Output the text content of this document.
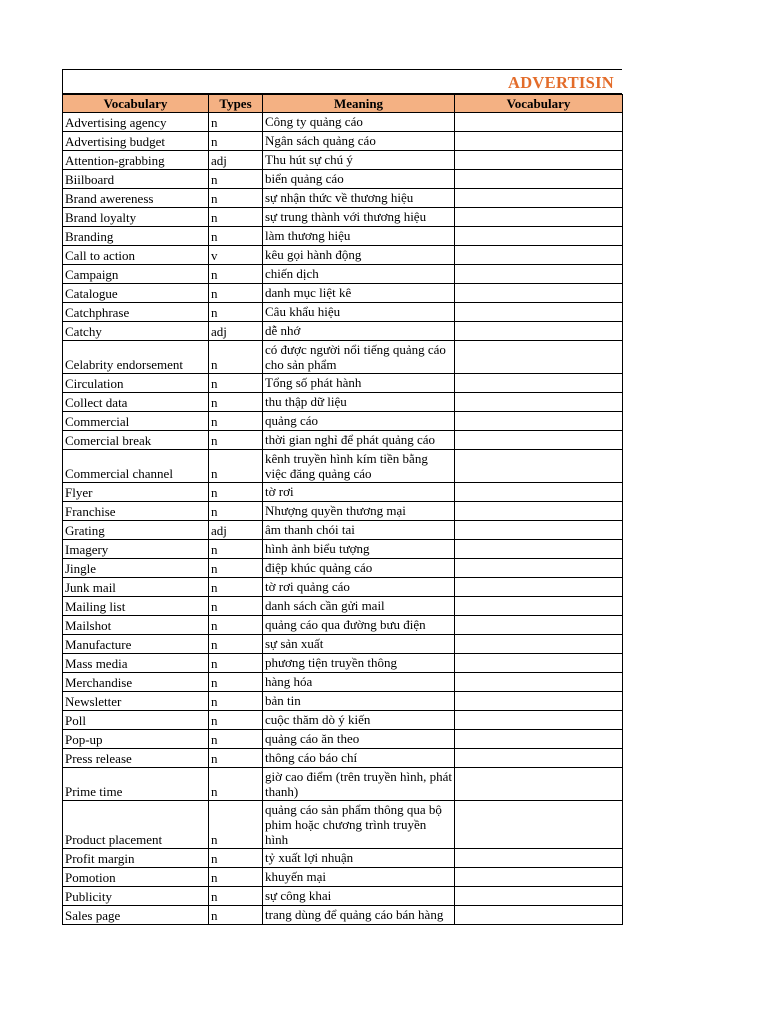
ADVERTISIN
Vocabulary	Types	Meaning	Vocabulary
Advertising agency	n	Công ty quảng cáo	
Advertising budget	n	Ngân sách quảng cáo	
Attention-grabbing	adj	Thu hút sự chú ý	
Biilboard	n	biển quảng cáo	
Brand awereness	n	sự nhận thức về thương hiệu	
Brand loyalty	n	sự trung thành với thương hiệu	
Branding	n	làm thương hiệu	
Call to action	v	kêu gọi hành động	
Campaign	n	chiến dịch	
Catalogue	n	danh mục liệt kê	
Catchphrase	n	Câu khẩu hiệu	
Catchy	adj	dễ nhớ	
Celabrity endorsement	n	có được người nổi tiếng quảng cáo cho sản phẩm	
Circulation	n	Tổng số phát hành	
Collect data	n	thu thập dữ liệu	
Commercial	n	quảng cáo	
Comercial break	n	thời gian nghỉ để phát quảng cáo	
Commercial channel	n	kênh truyền hình kím tiền bằng việc đăng quảng cáo	
Flyer	n	tờ rơi	
Franchise	n	Nhượng quyền thương mại	
Grating	adj	âm thanh chói tai	
Imagery	n	hình ảnh biểu tượng	
Jingle	n	điệp khúc quảng cáo	
Junk mail	n	tờ rơi quảng cáo	
Mailing list	n	danh sách cần gửi mail	
Mailshot	n	quảng cáo qua đường bưu điện	
Manufacture	n	sự sản xuất	
Mass media	n	phương tiện truyền thông	
Merchandise	n	hàng hóa	
Newsletter	n	bản tin	
Poll	n	cuộc thăm dò ý kiến	
Pop-up	n	quảng cáo ăn theo	
Press release	n	thông cáo báo chí	
Prime time	n	giờ cao điểm (trên truyền hình, phát thanh)	
Product placement	n	quảng cáo sản phẩm thông qua bộ phim hoặc chương trình truyền hình	
Profit margin	n	tỷ xuất lợi nhuận	
Pomotion	n	khuyến mại	
Publicity	n	sự công khai	
Sales page	n	trang dùng để quảng cáo bán hàng	
